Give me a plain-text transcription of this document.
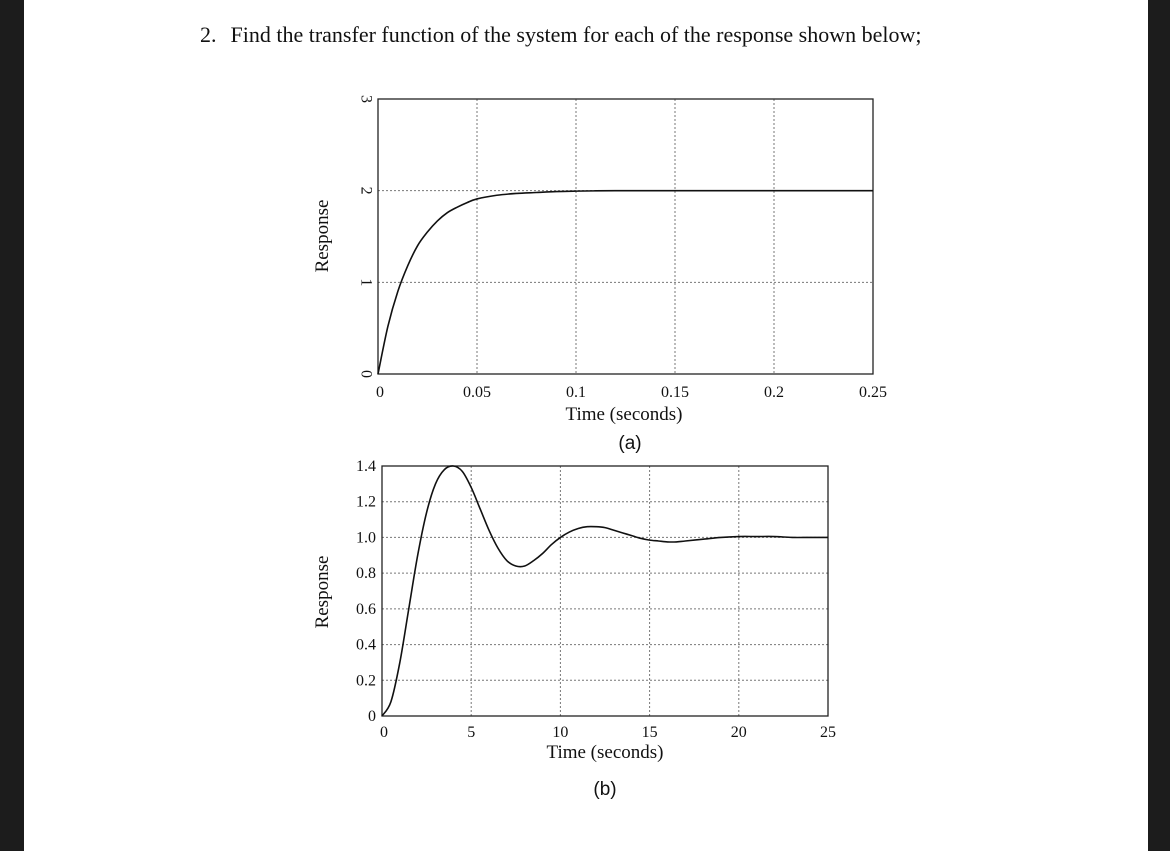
2. Find the transfer function of the system for each of the response shown below;
0	0.05	0.1	0.15	0.2	0.25
0
1
2
3
Time (seconds)
Response
(a)
0	5	10	15	20	25
0
0.2
0.4
0.6
0.8
1.0
1.2
1.4
Time (seconds)
Response
(b)
